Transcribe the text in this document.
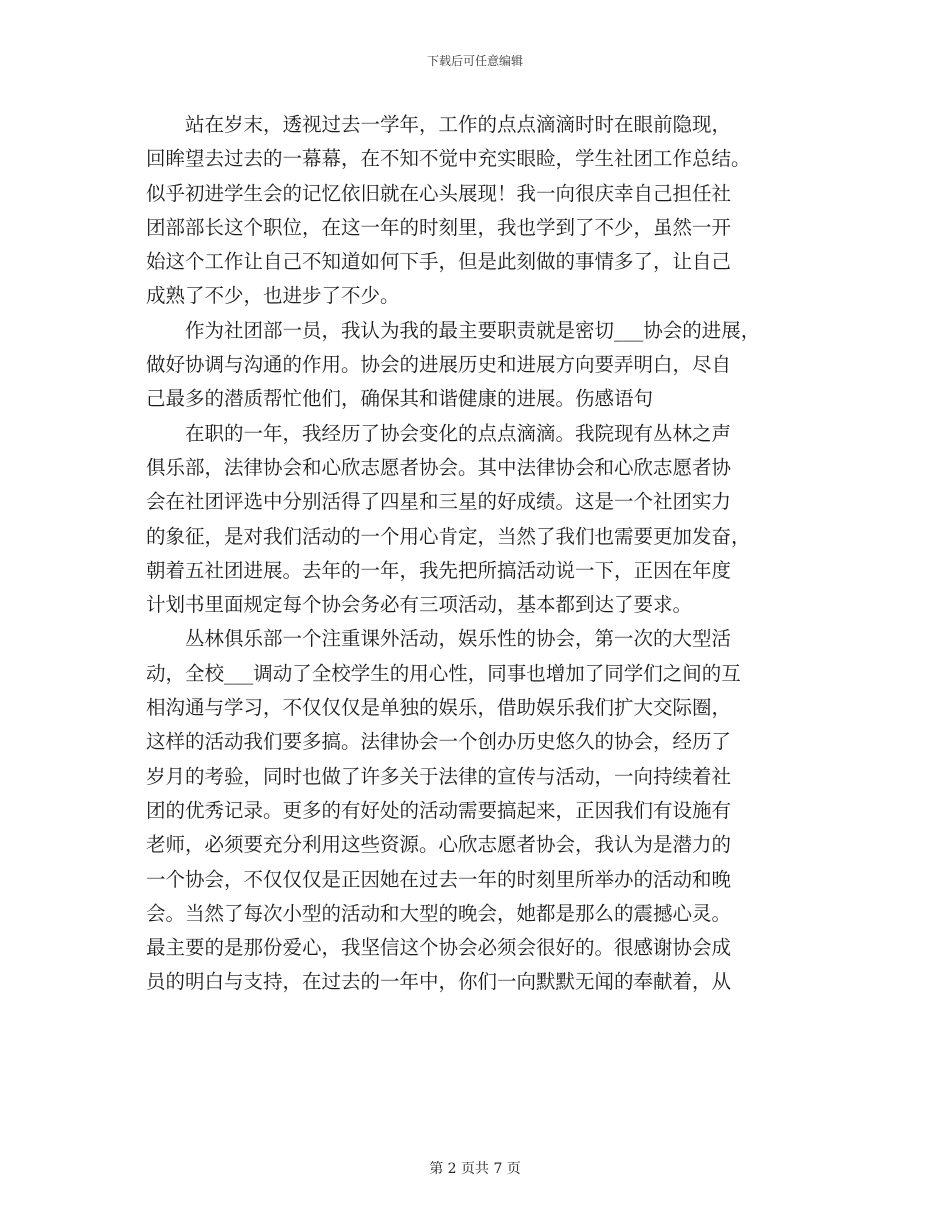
下载后可任意编辑
　　站在岁末，透视过去一学年，工作的点点滴滴时时在眼前隐现，
回眸望去过去的一幕幕，在不知不觉中充实眼睑，学生社团工作总结。
似乎初进学生会的记忆依旧就在心头展现！我一向很庆幸自己担任社
团部部长这个职位，在这一年的时刻里，我也学到了不少，虽然一开
始这个工作让自己不知道如何下手，但是此刻做的事情多了，让自己
成熟了不少，也进步了不少。
　　作为社团部一员，我认为我的最主要职责就是密切___协会的进展，
做好协调与沟通的作用。协会的进展历史和进展方向要弄明白，尽自
己最多的潜质帮忙他们，确保其和谐健康的进展。伤感语句
　　在职的一年，我经历了协会变化的点点滴滴。我院现有丛林之声
俱乐部，法律协会和心欣志愿者协会。其中法律协会和心欣志愿者协
会在社团评选中分别活得了四星和三星的好成绩。这是一个社团实力
的象征，是对我们活动的一个用心肯定，当然了我们也需要更加发奋，
朝着五社团进展。去年的一年，我先把所搞活动说一下，正因在年度
计划书里面规定每个协会务必有三项活动，基本都到达了要求。
　　丛林俱乐部一个注重课外活动，娱乐性的协会，第一次的大型活
动，全校___调动了全校学生的用心性，同事也增加了同学们之间的互
相沟通与学习，不仅仅仅是单独的娱乐，借助娱乐我们扩大交际圈，
这样的活动我们要多搞。法律协会一个创办历史悠久的协会，经历了
岁月的考验，同时也做了许多关于法律的宣传与活动，一向持续着社
团的优秀记录。更多的有好处的活动需要搞起来，正因我们有设施有
老师，必须要充分利用这些资源。心欣志愿者协会，我认为是潜力的
一个协会，不仅仅仅是正因她在过去一年的时刻里所举办的活动和晚
会。当然了每次小型的活动和大型的晚会，她都是那么的震撼心灵。
最主要的是那份爱心，我坚信这个协会必须会很好的。很感谢协会成
员的明白与支持，在过去的一年中，你们一向默默无闻的奉献着，从
第 2 页共 7 页
